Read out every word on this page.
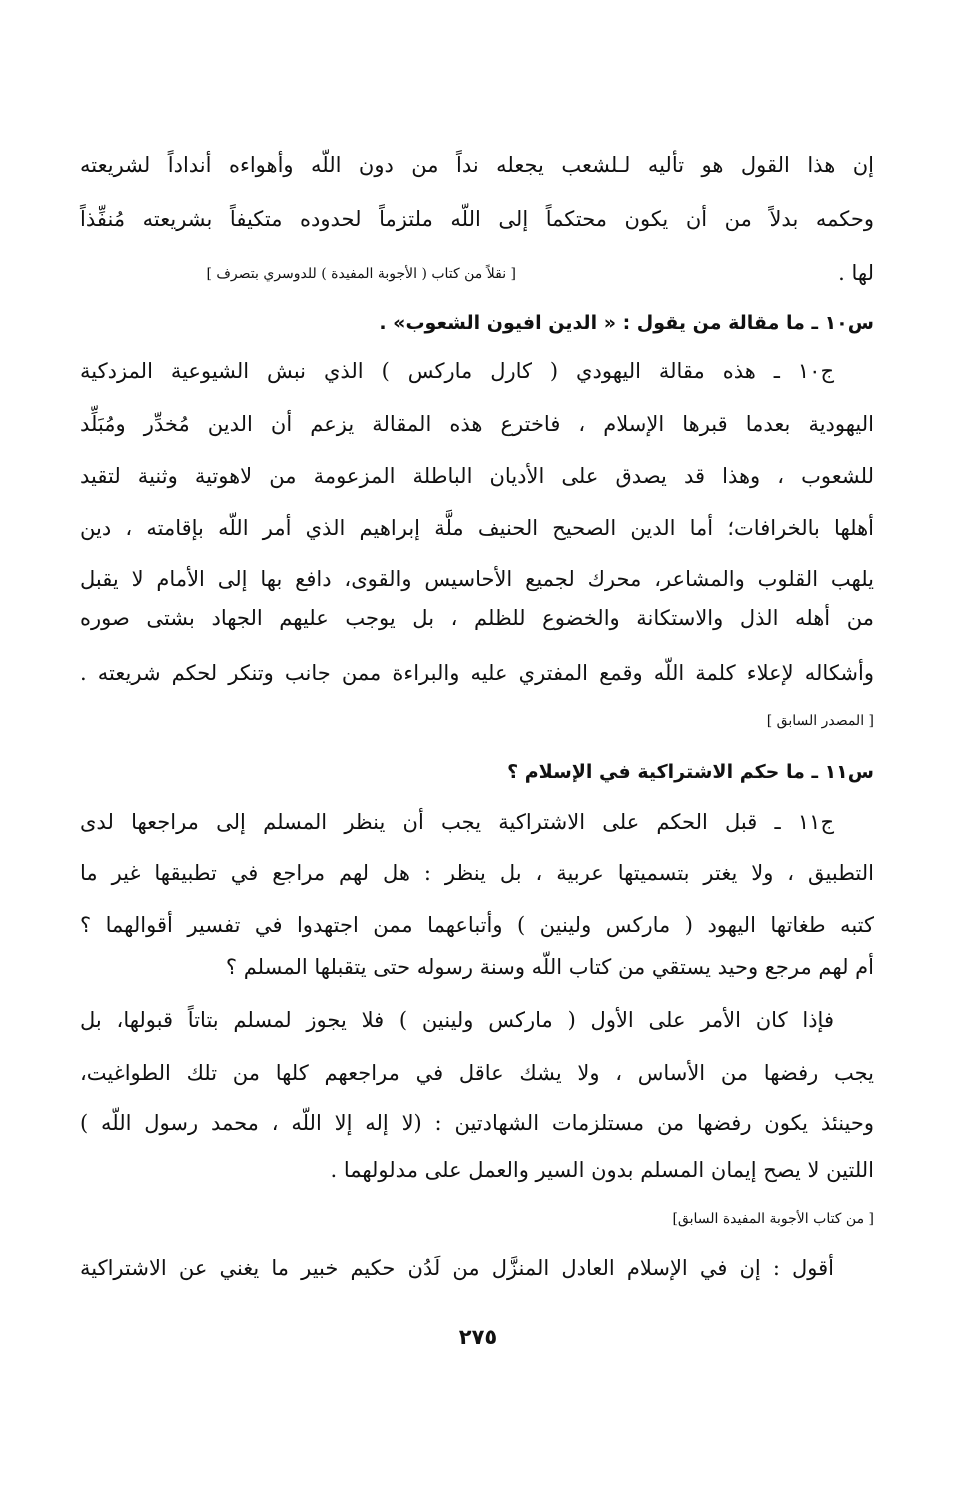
إن هذا القول هو تأليه لـلشعب يجعله نداً من دون اللّه وأهواءه أنداداً لشريعته
وحكمه بدلاً من أن يكون محتكماً إلى اللّه ملتزماً لحدوده متكيفاً بشريعته مُنفِّذاً
لها .
[ نقلاً من كتاب ( الأجوبة المفيدة ) للدوسري بتصرف ]
س١٠ ـ ما مقالة من يقول : « الدين افيون الشعوب» .
ج١٠ ـ هذه مقالة اليهودي ( كارل ماركس ) الذي نبش الشيوعية المزدكية
اليهودية بعدما قبرها الإسلام ، فاخترع هذه المقالة يزعم أن الدين مُخدِّر ومُبَلِّد
للشعوب ، وهذا قد يصدق على الأديان الباطلة المزعومة من لاهوتية وثنية لتقيد
أهلها بالخرافات؛ أما الدين الصحيح الحنيف ملَّة إبراهيم الذي أمر اللّه بإقامته ، دين
يلهب القلوب والمشاعر، محرك لجميع الأحاسيس والقوى، دافع بها إلى الأمام لا يقبل
من أهله الذل والاستكانة والخضوع للظلم ، بل يوجب عليهم الجهاد بشتى صوره
وأشكاله لإعلاء كلمة اللّه وقمع المفتري عليه والبراءة ممن جانب وتنكر لحكم شريعته .
[ المصدر السابق ]
س١١ ـ ما حكم الاشتراكية في الإسلام ؟
ج١١ ـ قبل الحكم على الاشتراكية يجب أن ينظر المسلم إلى مراجعها لدى
التطبيق ، ولا يغتر بتسميتها عربية ، بل ينظر : هل لهم مراجع في تطبيقها غير ما
كتبه طغاتها اليهود ( ماركس ولينين ) وأتباعهما ممن اجتهدوا في تفسير أقوالهما ؟
أم لهم مرجع وحيد يستقي من كتاب اللّه وسنة رسوله حتى يتقبلها المسلم ؟
فإذا كان الأمر على الأول ( ماركس ولينين ) فلا يجوز لمسلم بتاتاً قبولها، بل
يجب رفضها من الأساس ، ولا يشك عاقل في مراجعهم كلها من تلك الطواغيت،
وحينئذ يكون رفضها من مستلزمات الشهادتين : (لا إله إلا اللّه ، محمد رسول اللّه )
اللتين لا يصح إيمان المسلم بدون السير والعمل على مدلولهما .
[ من كتاب الأجوبة المفيدة السابق]
أقول : إن في الإسلام العادل المنزَّل من لَدُن حكيم خبير ما يغني عن الاشتراكية
٢٧٥
